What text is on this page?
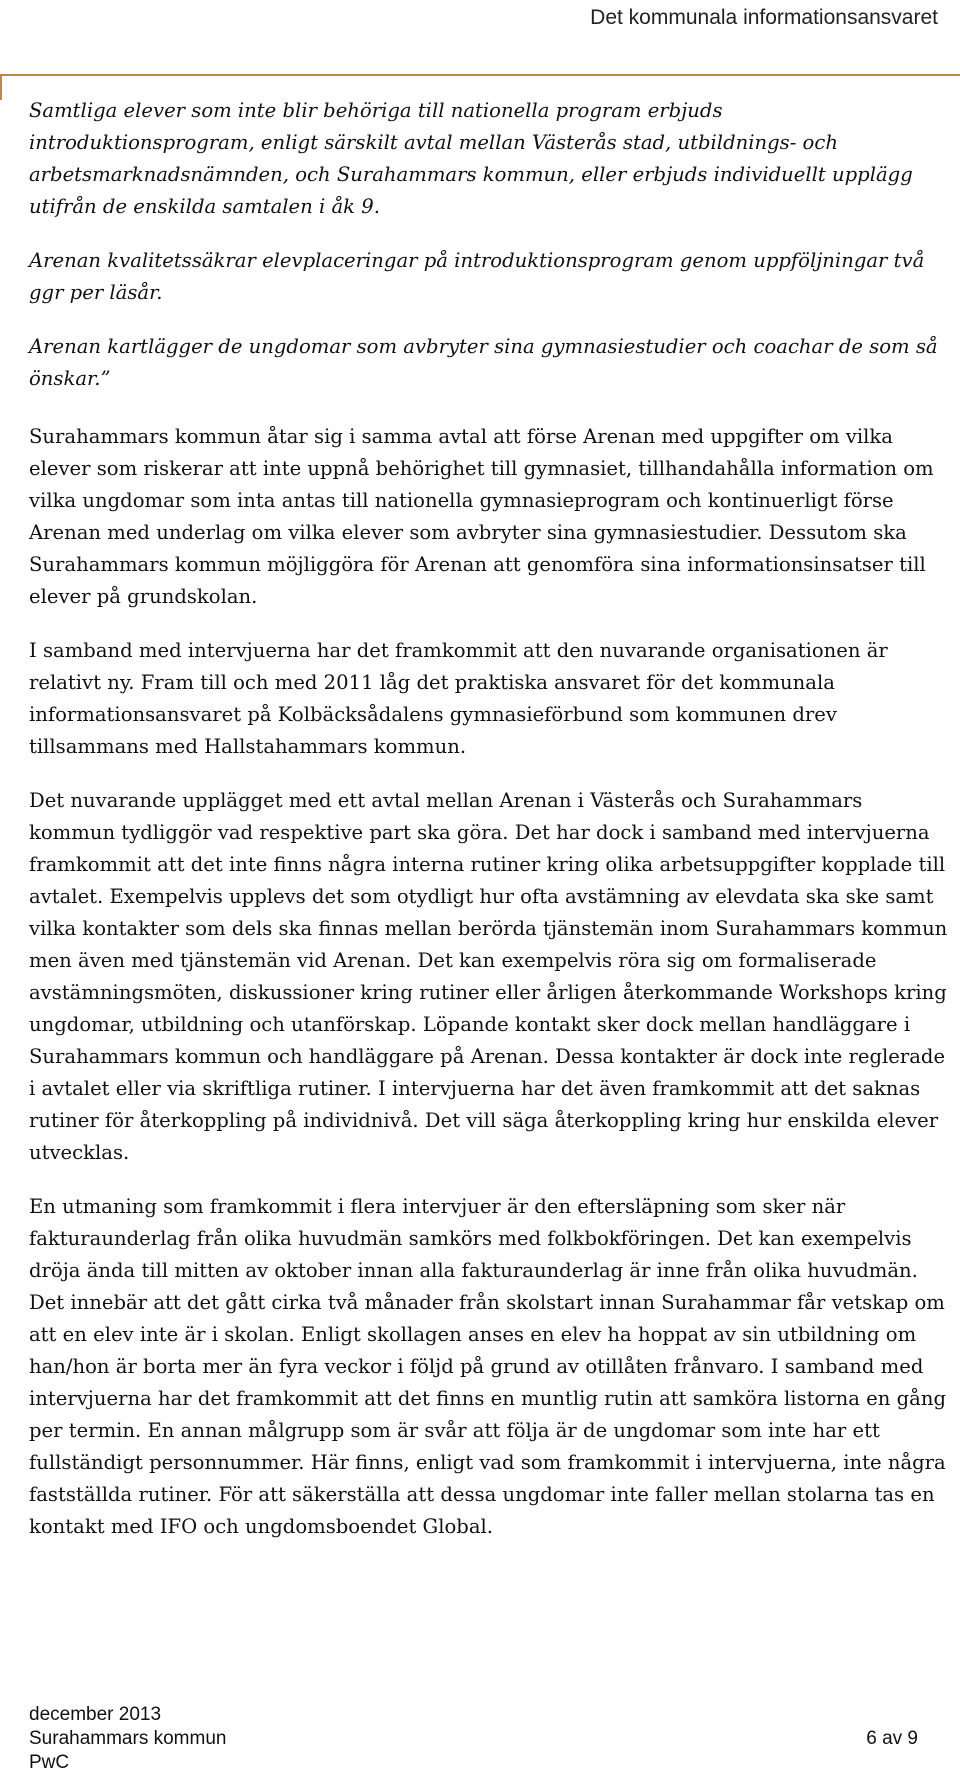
Det kommunala informationsansvaret

Samtliga elever som inte blir behöriga till nationella program erbjuds introduktionsprogram, enligt särskilt avtal mellan Västerås stad, utbildnings- och arbetsmarknadsnämnden, och Surahammars kommun, eller erbjuds individuellt upplägg utifrån de enskilda samtalen i åk 9.

Arenan kvalitetssäkrar elevplaceringar på introduktionsprogram genom uppföljningar två ggr per läsår.

Arenan kartlägger de ungdomar som avbryter sina gymnasiestudier och coachar de som så önskar.”

Surahammars kommun åtar sig i samma avtal att förse Arenan med uppgifter om vilka elever som riskerar att inte uppnå behörighet till gymnasiet, tillhandahålla information om vilka ungdomar som inta antas till nationella gymnasieprogram och kontinuerligt förse Arenan med underlag om vilka elever som avbryter sina gymnasiestudier. Dessutom ska Surahammars kommun möjliggöra för Arenan att genomföra sina informationsinsatser till elever på grundskolan.

I samband med intervjuerna har det framkommit att den nuvarande organisationen är relativt ny. Fram till och med 2011 låg det praktiska ansvaret för det kommunala informationsansvaret på Kolbäcksådalens gymnasieförbund som kommunen drev tillsammans med Hallstahammars kommun.

Det nuvarande upplägget med ett avtal mellan Arenan i Västerås och Surahammars kommun tydliggör vad respektive part ska göra. Det har dock i samband med intervjuerna framkommit att det inte finns några interna rutiner kring olika arbetsuppgifter kopplade till avtalet. Exempelvis upplevs det som otydligt hur ofta avstämning av elevdata ska ske samt vilka kontakter som dels ska finnas mellan berörda tjänstemän inom Surahammars kommun men även med tjänstemän vid Arenan. Det kan exempelvis röra sig om formaliserade avstämningsmöten, diskussioner kring rutiner eller årligen återkommande Workshops kring ungdomar, utbildning och utanförskap. Löpande kontakt sker dock mellan handläggare i Surahammars kommun och handläggare på Arenan. Dessa kontakter är dock inte reglerade i avtalet eller via skriftliga rutiner. I intervjuerna har det även framkommit att det saknas rutiner för återkoppling på individnivå. Det vill säga återkoppling kring hur enskilda elever utvecklas.

En utmaning som framkommit i flera intervjuer är den eftersläpning som sker när fakturaunderlag från olika huvudmän samkörs med folkbokföringen. Det kan exempelvis dröja ända till mitten av oktober innan alla fakturaunderlag är inne från olika huvudmän. Det innebär att det gått cirka två månader från skolstart innan Surahammar får vetskap om att en elev inte är i skolan. Enligt skollagen anses en elev ha hoppat av sin utbildning om han/hon är borta mer än fyra veckor i följd på grund av otillåten frånvaro. I samband med intervjuerna har det framkommit att det finns en muntlig rutin att samköra listorna en gång per termin. En annan målgrupp som är svår att följa är de ungdomar som inte har ett fullständigt personnummer. Här finns, enligt vad som framkommit i intervjuerna, inte några fastställda rutiner. För att säkerställa att dessa ungdomar inte faller mellan stolarna tas en kontakt med IFO och ungdomsboendet Global.

december 2013
Surahammars kommun	6 av 9
PwC
